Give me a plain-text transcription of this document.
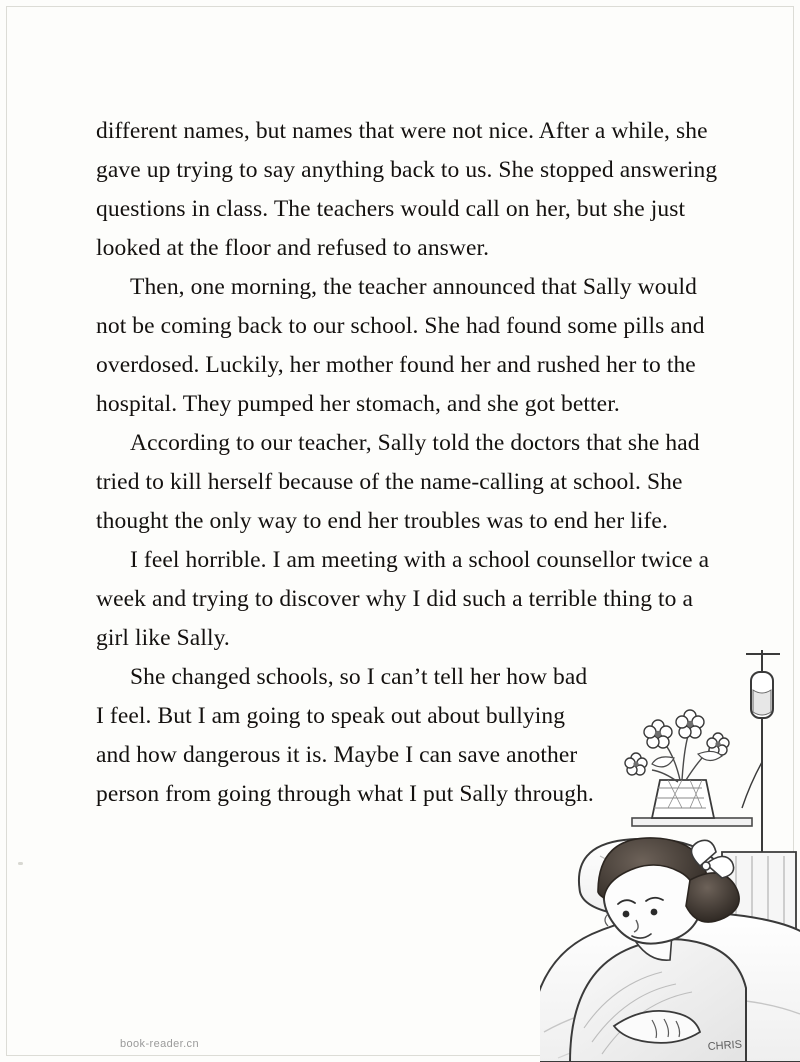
different names, but names that were not nice. After a while, she gave up trying to say anything back to us. She stopped answering questions in class. The teachers would call on her, but she just looked at the floor and refused to answer.

Then, one morning, the teacher announced that Sally would not be coming back to our school. She had found some pills and overdosed. Luckily, her mother found her and rushed her to the hospital. They pumped her stomach, and she got better.

According to our teacher, Sally told the doctors that she had tried to kill herself because of the name-calling at school. She thought the only way to end her troubles was to end her life.

I feel horrible. I am meeting with a school counsellor twice a week and trying to discover why I did such a terrible thing to a girl like Sally.

She changed schools, so I can’t tell her how bad I feel. But I am going to speak out about bullying and how dangerous it is. Maybe I can save another person from going through what I put Sally through.

CHRIS
book-reader.cn
